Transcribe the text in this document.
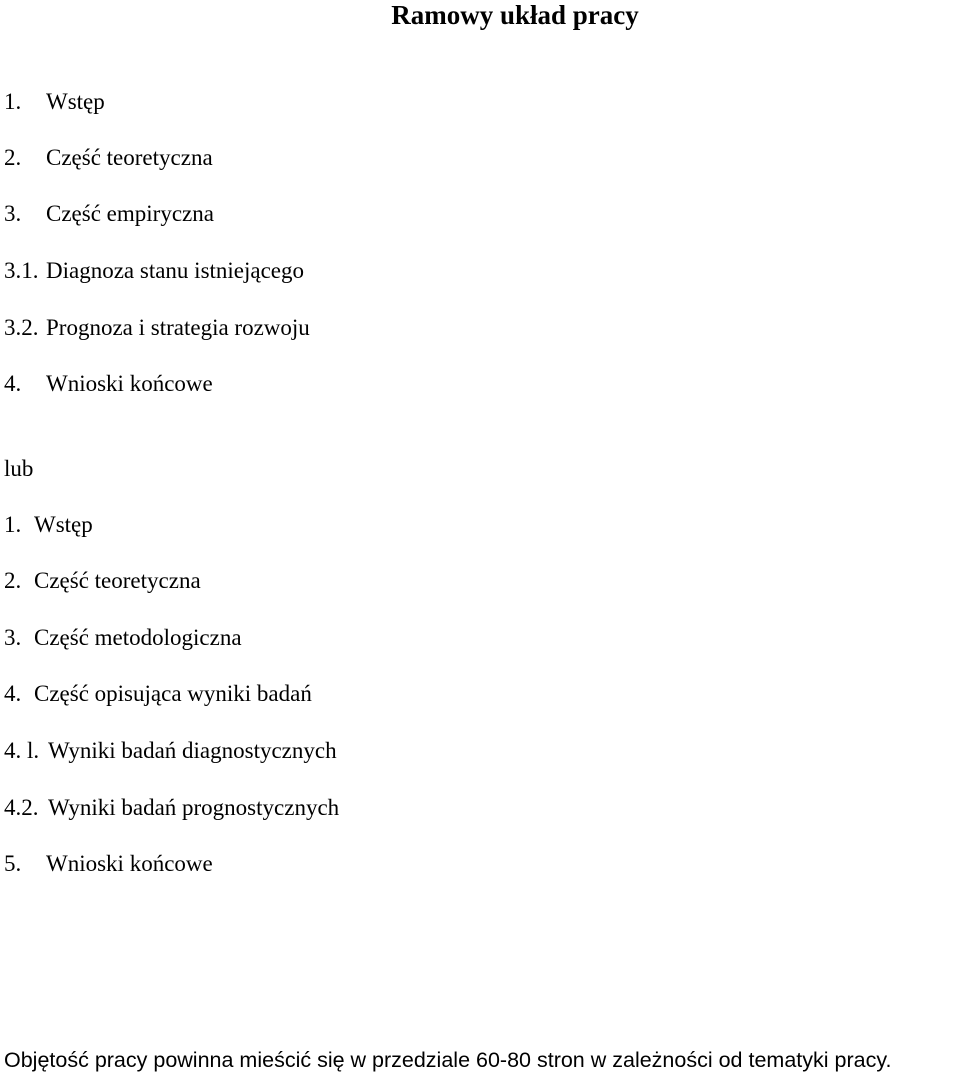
Ramowy układ pracy
1. Wstęp
2. Część teoretyczna
3. Część empiryczna
3.1. Diagnoza stanu istniejącego
3.2. Prognoza i strategia rozwoju
4. Wnioski końcowe
lub
1. Wstęp
2. Część teoretyczna
3. Część metodologiczna
4. Część opisująca wyniki badań
4. l. Wyniki badań diagnostycznych
4.2. Wyniki badań prognostycznych
5. Wnioski końcowe
Objętość pracy powinna mieścić się w przedziale 60-80 stron w zależności od tematyki pracy.
